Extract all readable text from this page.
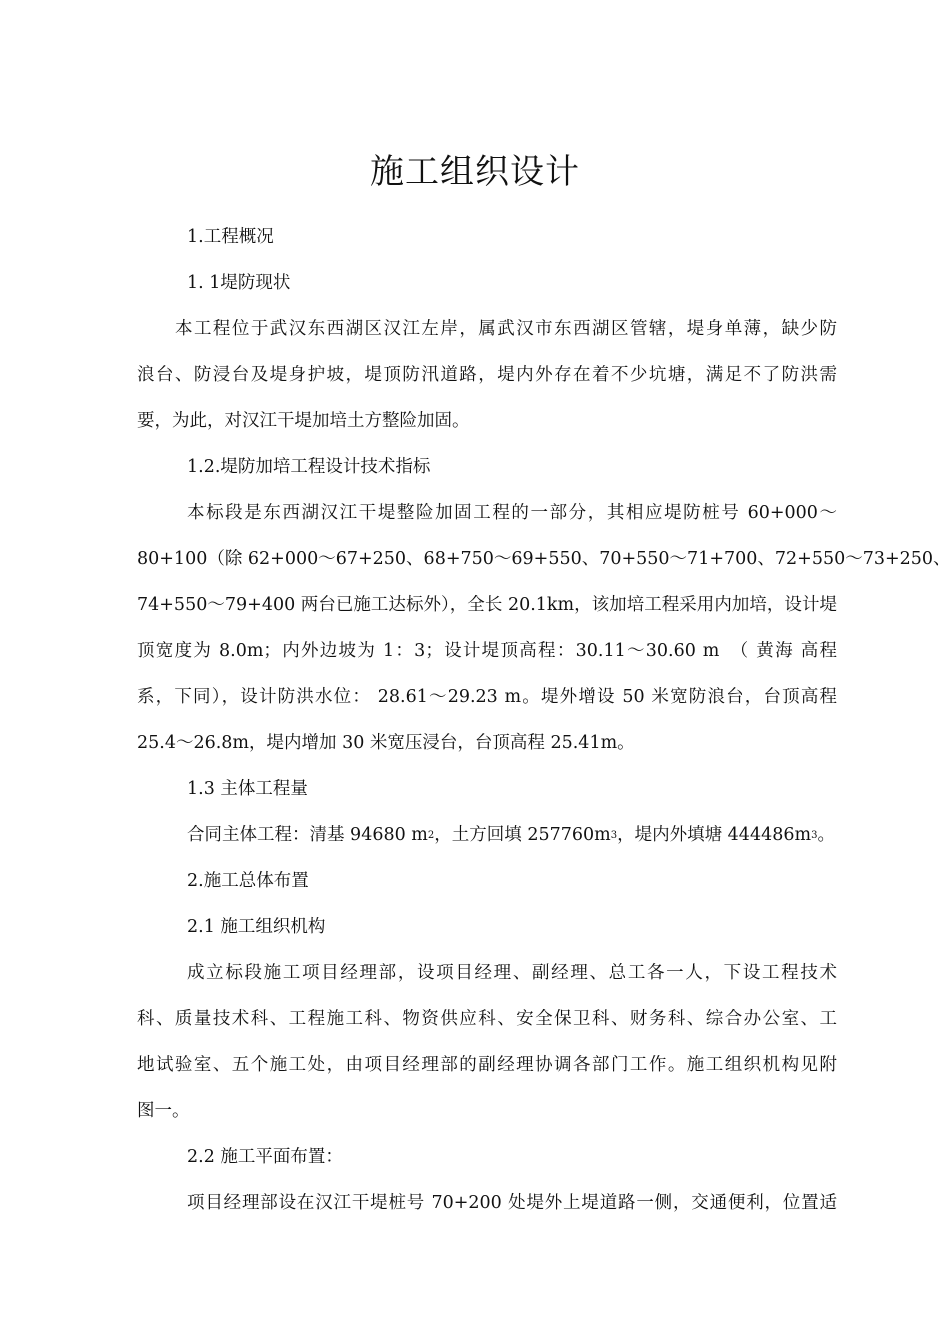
施工组织设计
1.工程概况
1. 1堤防现状
本工程位于武汉东西湖区汉江左岸，属武汉市东西湖区管辖，堤身单薄，缺少防
浪台、防浸台及堤身护坡，堤顶防汛道路，堤内外存在着不少坑塘，满足不了防洪需
要，为此，对汉江干堤加培土方整险加固。
1.2.堤防加培工程设计技术指标
本标段是东西湖汉江干堤整险加固工程的一部分，其相应堤防桩号 60+000～
80+100（除 62+000～67+250、68+750～69+550、70+550～71+700、72+550～73+250、
74+550～79+400 两台已施工达标外），全长 20.1km，该加培工程采用内加培，设计堤
顶宽度为 8.0m；内外边坡为 1：3；设计堤顶高程：30.11～30.60 m　（ 黄海 高程
系，下同），设计防洪水位： 28.61～29.23 m。堤外增设 50 米宽防浪台，台顶高程
25.4～26.8m，堤内增加 30 米宽压浸台，台顶高程 25.41m。
1.3 主体工程量
合同主体工程：清基 94680 $m^2$，土方回填 $257760m^3$，堤内外填塘 $444486m^3$。
2.施工总体布置
2.1 施工组织机构
成立标段施工项目经理部，设项目经理、副经理、总工各一人，下设工程技术
科、质量技术科、工程施工科、物资供应科、安全保卫科、财务科、综合办公室、工
地试验室、五个施工处，由项目经理部的副经理协调各部门工作。施工组织机构见附
图一。
2.2 施工平面布置：
项目经理部设在汉江干堤桩号 70+200 处堤外上堤道路一侧，交通便利，位置适
